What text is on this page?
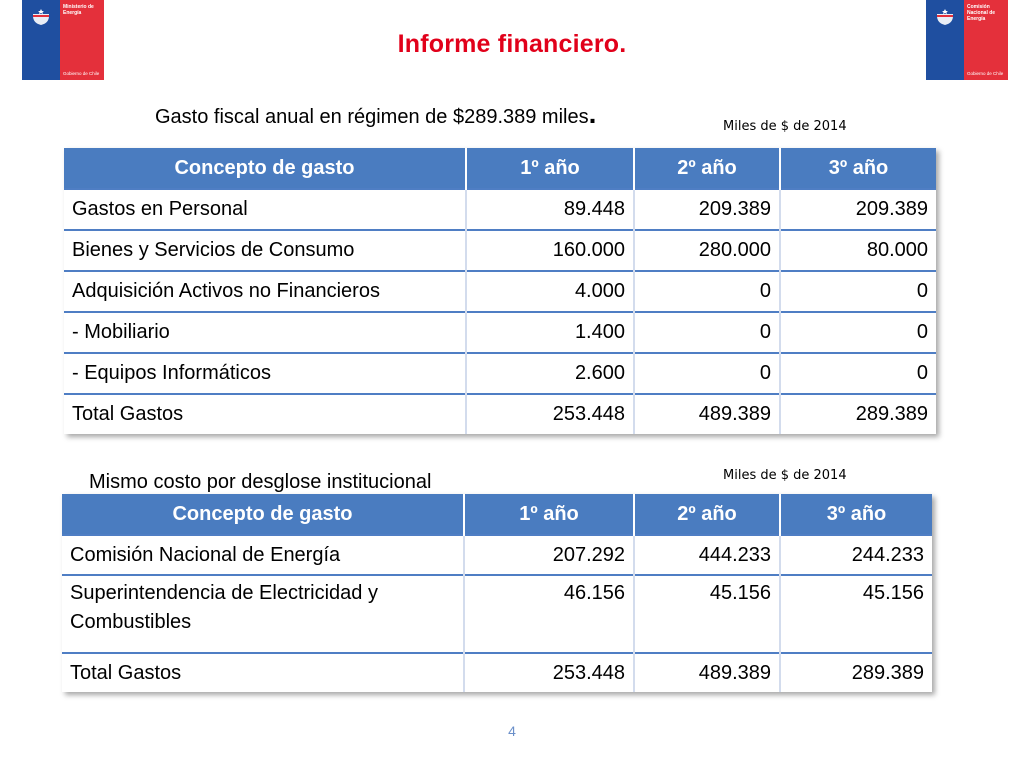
Ministerio de Energía
Gobierno de Chile
Comisión Nacional de Energía
Gobierno de Chile
Informe financiero.
Gasto fiscal anual en régimen de $289.389 miles.	Miles de $ de 2014
Concepto de gasto	1º año	2º año	3º año
Gastos en Personal	89.448	209.389	209.389
Bienes y Servicios de Consumo	160.000	280.000	80.000
Adquisición Activos no Financieros	4.000	0	0
- Mobiliario	1.400	0	0
- Equipos Informáticos	2.600	0	0
Total Gastos	253.448	489.389	289.389
Mismo costo por desglose institucional	Miles de $ de 2014
Concepto de gasto	1º año	2º año	3º año
Comisión Nacional de Energía	207.292	444.233	244.233
Superintendencia de Electricidad y Combustibles	46.156	45.156	45.156
Total Gastos	253.448	489.389	289.389
4
